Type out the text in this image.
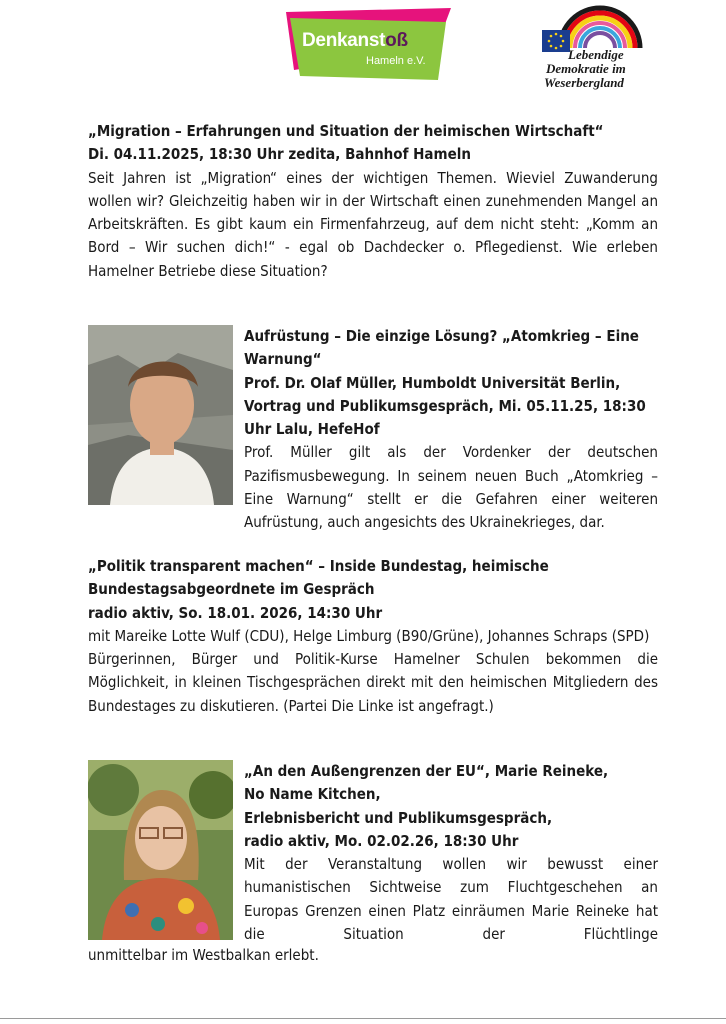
Denkanstoß
Hameln e.V.	Lebendige
Demokratie im
Weserbergland
„Migration – Erfahrungen und Situation der heimischen Wirtschaft“
Di. 04.11.2025, 18:30 Uhr zedita, Bahnhof Hameln
Seit Jahren ist „Migration“ eines der wichtigen Themen. Wieviel Zuwanderung wollen wir? Gleichzeitig haben wir in der Wirtschaft einen zunehmenden Mangel an Arbeitskräften. Es gibt kaum ein Firmenfahrzeug, auf dem nicht steht: „Komm an Bord – Wir suchen dich!“ - egal ob Dachdecker o. Pflegedienst. Wie erleben Hamelner Betriebe diese Situation?
Aufrüstung – Die einzige Lösung? „Atomkrieg – Eine Warnung“
Prof. Dr. Olaf Müller, Humboldt Universität Berlin, Vortrag und Publikumsgespräch, Mi. 05.11.25, 18:30 Uhr Lalu, HefeHof
Prof. Müller gilt als der Vordenker der deutschen Pazifismusbewegung. In seinem neuen Buch „Atomkrieg – Eine Warnung“ stellt er die Gefahren einer weiteren Aufrüstung, auch angesichts des Ukrainekrieges, dar.
„Politik transparent machen“ – Inside Bundestag, heimische Bundestagsabgeordnete im Gespräch
radio aktiv, So. 18.01. 2026, 14:30 Uhr
mit Mareike Lotte Wulf (CDU), Helge Limburg (B90/Grüne), Johannes Schraps (SPD)
Bürgerinnen, Bürger und Politik-Kurse Hamelner Schulen bekommen die Möglichkeit, in kleinen Tischgesprächen direkt mit den heimischen Mitgliedern des Bundestages zu diskutieren. (Partei Die Linke ist angefragt.)
„An den Außengrenzen der EU“, Marie Reineke,
No Name Kitchen,
Erlebnisbericht und Publikumsgespräch,
radio aktiv, Mo. 02.02.26, 18:30 Uhr
Mit der Veranstaltung wollen wir bewusst einer humanistischen Sichtweise zum Fluchtgeschehen an Europas Grenzen einen Platz einräumen Marie Reineke hat die Situation der Flüchtlinge
unmittelbar im Westbalkan erlebt.
